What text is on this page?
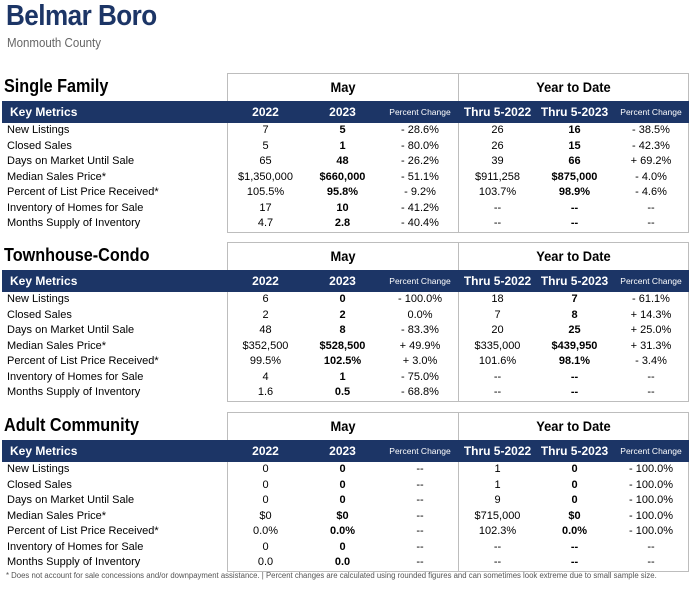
Belmar Boro
Monmouth County
Single Family	May	Year to Date
Key Metrics	2022	2023	Percent Change	Thru 5-2022 Thru 5-2023	Percent Change
New Listings	7	5	- 28.6%	26	16	- 38.5%
Closed Sales	5	1	- 80.0%	26	15	- 42.3%
Days on Market Until Sale	65	48	- 26.2%	39	66	+ 69.2%
Median Sales Price*	$1,350,000	$660,000	- 51.1%	$911,258	$875,000	- 4.0%
Percent of List Price Received*	105.5%	95.8%	- 9.2%	103.7%	98.9%	- 4.6%
Inventory of Homes for Sale	17	10	- 41.2%	--	--	--
Months Supply of Inventory	4.7	2.8	- 40.4%	--	--	--
Townhouse-Condo	May	Year to Date
Key Metrics	2022	2023	Percent Change	Thru 5-2022 Thru 5-2023	Percent Change
New Listings	6	0	- 100.0%	18	7	- 61.1%
Closed Sales	2	2	0.0%	7	8	+ 14.3%
Days on Market Until Sale	48	8	- 83.3%	20	25	+ 25.0%
Median Sales Price*	$352,500	$528,500	+ 49.9%	$335,000	$439,950	+ 31.3%
Percent of List Price Received*	99.5%	102.5%	+ 3.0%	101.6%	98.1%	- 3.4%
Inventory of Homes for Sale	4	1	- 75.0%	--	--	--
Months Supply of Inventory	1.6	0.5	- 68.8%	--	--	--
Adult Community	May	Year to Date
Key Metrics	2022	2023	Percent Change	Thru 5-2022 Thru 5-2023	Percent Change
New Listings	0	0	--	1	0	- 100.0%
Closed Sales	0	0	--	1	0	- 100.0%
Days on Market Until Sale	0	0	--	9	0	- 100.0%
Median Sales Price*	$0	$0	--	$715,000	$0	- 100.0%
Percent of List Price Received*	0.0%	0.0%	--	102.3%	0.0%	- 100.0%
Inventory of Homes for Sale	0	0	--	--	--	--
Months Supply of Inventory	0.0	0.0	--	--	--	--
* Does not account for sale concessions and/or downpayment assistance. | Percent changes are calculated using rounded figures and can sometimes look extreme due to small sample size.
